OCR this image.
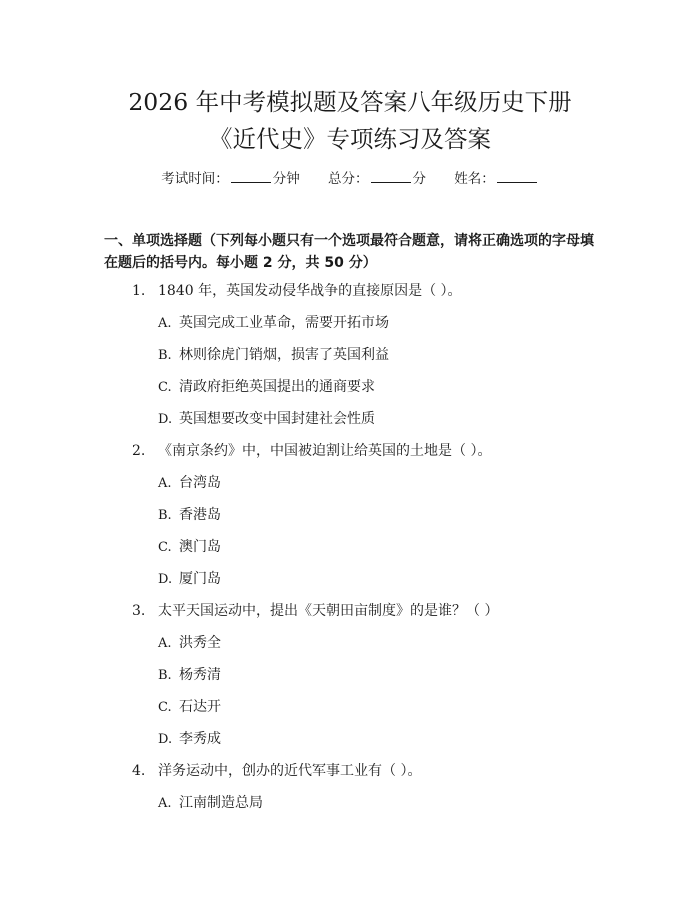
2026 年中考模拟题及答案八年级历史下册
《近代史》专项练习及答案
考试时间：	分钟 总分：	分 姓名：
一、单项选择题（下列每小题只有一个选项最符合题意，请将正确选项的字母填
在题后的括号内。每小题 2 分，共 50 分）
1. 1840 年，英国发动侵华战争的直接原因是（ ）。
A. 英国完成工业革命，需要开拓市场
B. 林则徐虎门销烟，损害了英国利益
C. 清政府拒绝英国提出的通商要求
D. 英国想要改变中国封建社会性质
2. 《南京条约》中，中国被迫割让给英国的土地是（ ）。
A. 台湾岛
B. 香港岛
C. 澳门岛
D. 厦门岛
3. 太平天国运动中，提出《天朝田亩制度》的是谁？（ ）
A. 洪秀全
B. 杨秀清
C. 石达开
D. 李秀成
4. 洋务运动中，创办的近代军事工业有（ ）。
A. 江南制造总局
